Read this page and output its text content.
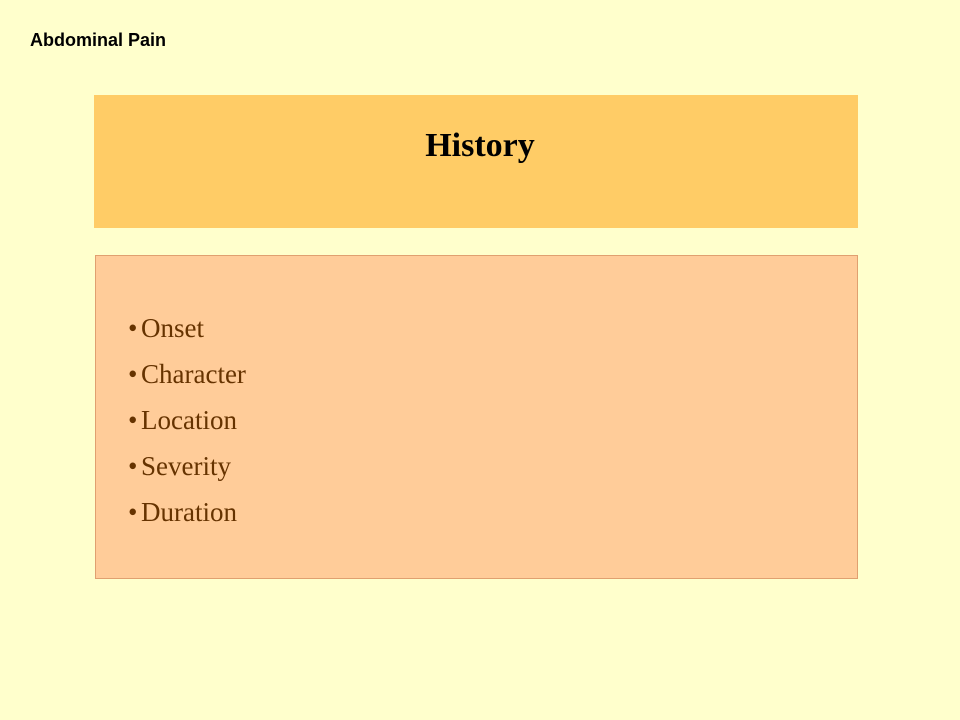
Abdominal Pain
History
• Onset
• Character
• Location
• Severity
• Duration
